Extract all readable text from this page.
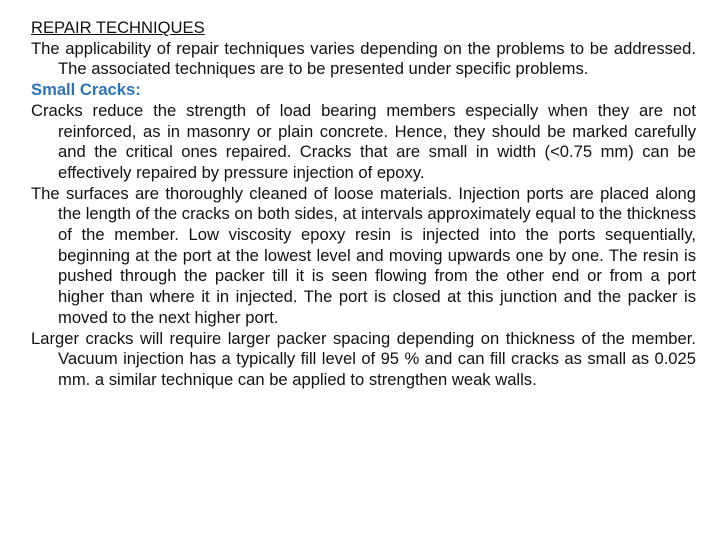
REPAIR TECHNIQUES

The applicability of repair techniques varies depending on the problems to be addressed. The associated techniques are to be presented under specific problems.

Small Cracks:

Cracks reduce the strength of load bearing members especially when they are not reinforced, as in masonry or plain concrete. Hence, they should be marked carefully and the critical ones repaired. Cracks that are small in width (<0.75 mm) can be effectively repaired by pressure injection of epoxy.

The surfaces are thoroughly cleaned of loose materials. Injection ports are placed along the length of the cracks on both sides, at intervals approximately equal to the thickness of the member. Low viscosity epoxy resin is injected into the ports sequentially, beginning at the port at the lowest level and moving upwards one by one. The resin is pushed through the packer till it is seen flowing from the other end or from a port higher than where it in injected. The port is closed at this junction and the packer is moved to the next higher port.

Larger cracks will require larger packer spacing depending on thickness of the member. Vacuum injection has a typically fill level of 95 % and can fill cracks as small as 0.025 mm. a similar technique can be applied to strengthen weak walls.
